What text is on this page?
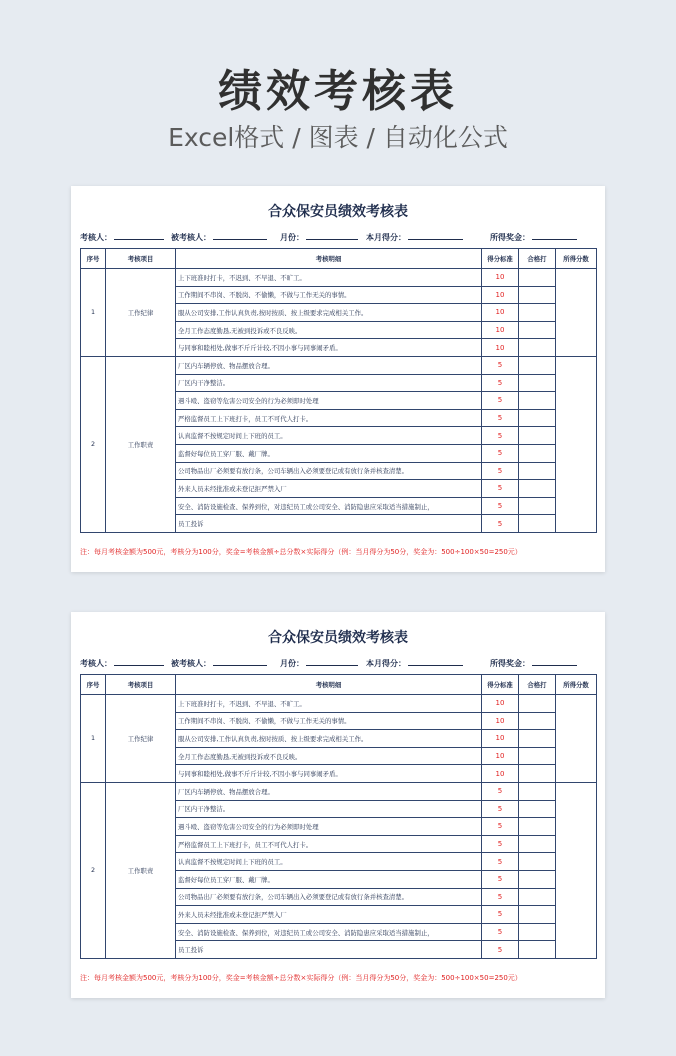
绩效考核表
Excel格式 / 图表 / 自动化公式
合众保安员绩效考核表
考核人：	被考核人：	月份：	本月得分：	所得奖金：
序号	考核项目	考核明细	得分标准	合格打	所得分数
1	工作纪律	上下班准时打卡，不迟到、不早退、不旷工。	10		
		工作期间不串岗、不脱岗、不偷懒，不做与工作无关的事情。	10		
		服从公司安排,工作认真负责,按时按质、按上级要求完成相关工作。	10		
		全月工作态度勤恳,无被到投诉或不良反映。	10		
		与同事和睦相处,做事不斤斤计较,不因小事与同事闹矛盾。	10		
2	工作职责	厂区内车辆停放、物品摆放合理。	5		
		厂区内干净整洁。	5		
		遇斗殴、盗窃等危害公司安全的行为必须即时处理	5		
		严格监督员工上下班打卡，员工不可代人打卡。	5		
		认真监督不按规定时间上下班的员工。	5		
		监督好每位员工穿厂服、戴厂牌。	5		
		公司物品出厂必须要有放行条，公司车辆出入必须要登记或有放行条并核查清楚。	5		
		外来人员未经批准或未登记拒严禁入厂	5		
		安全、消防设施检查、保养到位，对违纪员工或公司安全、消防隐患应采取适当措施制止，	5		
		员工投诉	5		
注：每月考核金额为500元，考核分为100分，奖金=考核金额÷总分数×实际得分（例：当月得分为50分，奖金为：500÷100×50=250元）
合众保安员绩效考核表
考核人：	被考核人：	月份：	本月得分：	所得奖金：
序号	考核项目	考核明细	得分标准	合格打	所得分数
1	工作纪律	上下班准时打卡，不迟到、不早退、不旷工。	10		
		工作期间不串岗、不脱岗、不偷懒，不做与工作无关的事情。	10		
		服从公司安排,工作认真负责,按时按质、按上级要求完成相关工作。	10		
		全月工作态度勤恳,无被到投诉或不良反映。	10		
		与同事和睦相处,做事不斤斤计较,不因小事与同事闹矛盾。	10		
2	工作职责	厂区内车辆停放、物品摆放合理。	5		
		厂区内干净整洁。	5		
		遇斗殴、盗窃等危害公司安全的行为必须即时处理	5		
		严格监督员工上下班打卡，员工不可代人打卡。	5		
		认真监督不按规定时间上下班的员工。	5		
		监督好每位员工穿厂服、戴厂牌。	5		
		公司物品出厂必须要有放行条，公司车辆出入必须要登记或有放行条并核查清楚。	5		
		外来人员未经批准或未登记拒严禁入厂	5		
		安全、消防设施检查、保养到位，对违纪员工或公司安全、消防隐患应采取适当措施制止，	5		
		员工投诉	5		
注：每月考核金额为500元，考核分为100分，奖金=考核金额÷总分数×实际得分（例：当月得分为50分，奖金为：500÷100×50=250元）
